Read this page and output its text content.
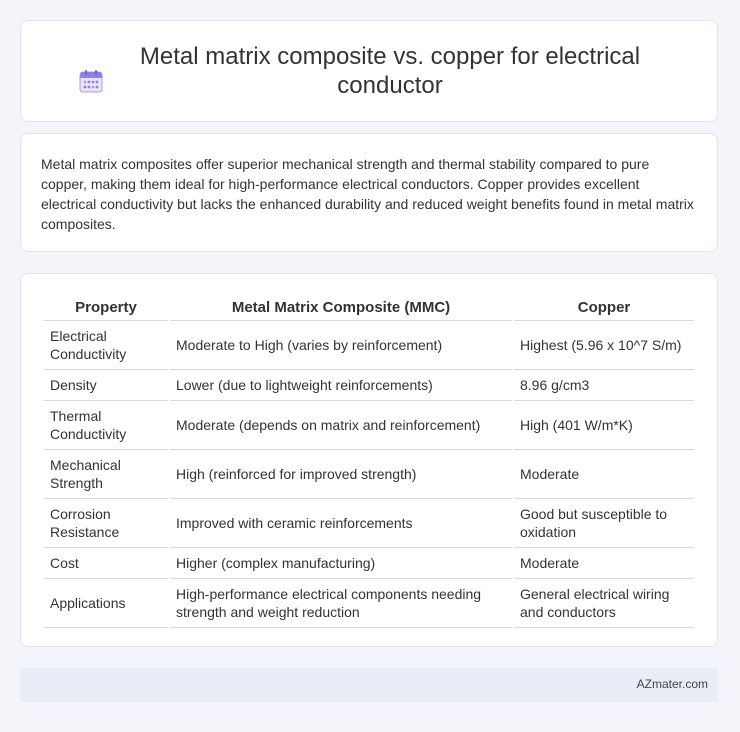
Metal matrix composite vs. copper for electrical conductor

Metal matrix composites offer superior mechanical strength and thermal stability compared to pure copper, making them ideal for high-performance electrical conductors. Copper provides excellent electrical conductivity but lacks the enhanced durability and reduced weight benefits found in metal matrix composites.

Property	Metal Matrix Composite (MMC)	Copper
Electrical Conductivity	Moderate to High (varies by reinforcement)	Highest (5.96 x 10^7 S/m)
Density	Lower (due to lightweight reinforcements)	8.96 g/cm3
Thermal Conductivity	Moderate (depends on matrix and reinforcement)	High (401 W/m*K)
Mechanical Strength	High (reinforced for improved strength)	Moderate
Corrosion Resistance	Improved with ceramic reinforcements	Good but susceptible to oxidation
Cost	Higher (complex manufacturing)	Moderate
Applications	High-performance electrical components needing strength and weight reduction	General electrical wiring and conductors
AZmater.com
